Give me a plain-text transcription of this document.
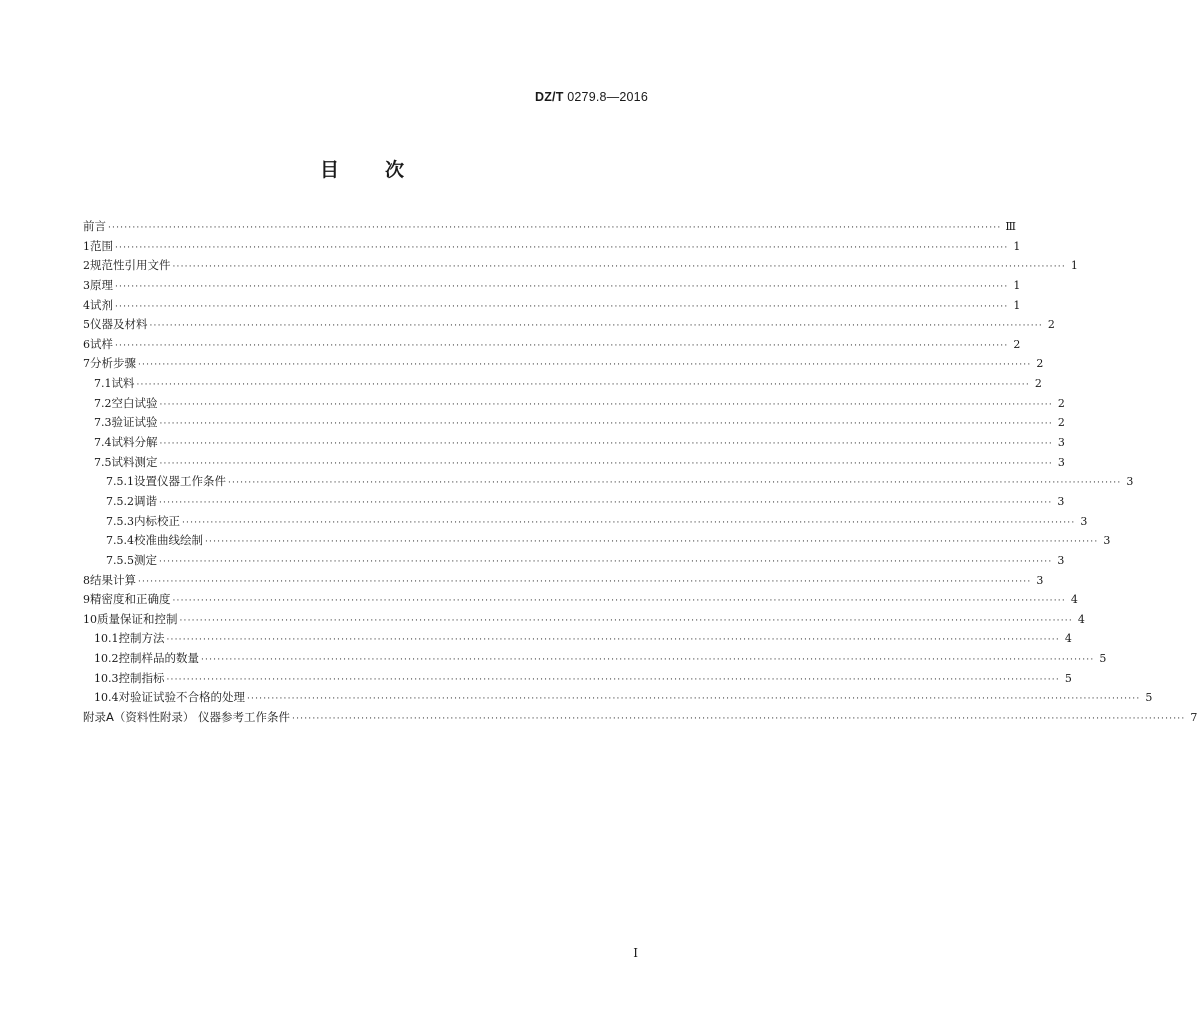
DZ/T 0279.8—2016
目 次
前言 ···························································································································································································································· Ⅲ
1 范围 ···························································································································································································································· 1
2 规范性引用文件 ···························································································································································································································· 1
3 原理 ···························································································································································································································· 1
4 试剂 ···························································································································································································································· 1
5 仪器及材料 ···························································································································································································································· 2
6 试样 ···························································································································································································································· 2
7 分析步骤 ···························································································································································································································· 2
7.1 试料 ···························································································································································································································· 2
7.2 空白试验 ···························································································································································································································· 2
7.3 验证试验 ···························································································································································································································· 2
7.4 试料分解 ···························································································································································································································· 3
7.5 试料测定 ···························································································································································································································· 3
7.5.1 设置仪器工作条件 ···························································································································································································································· 3
7.5.2 调谐 ···························································································································································································································· 3
7.5.3 内标校正 ···························································································································································································································· 3
7.5.4 校准曲线绘制 ···························································································································································································································· 3
7.5.5 测定 ···························································································································································································································· 3
8 结果计算 ···························································································································································································································· 3
9 精密度和正确度 ···························································································································································································································· 4
10 质量保证和控制 ···························································································································································································································· 4
10.1 控制方法 ···························································································································································································································· 4
10.2 控制样品的数量 ···························································································································································································································· 5
10.3 控制指标 ···························································································································································································································· 5
10.4 对验证试验不合格的处理 ···························································································································································································································· 5
附录A（资料性附录） 仪器参考工作条件 ···························································································································································································································· 7
Ⅰ
